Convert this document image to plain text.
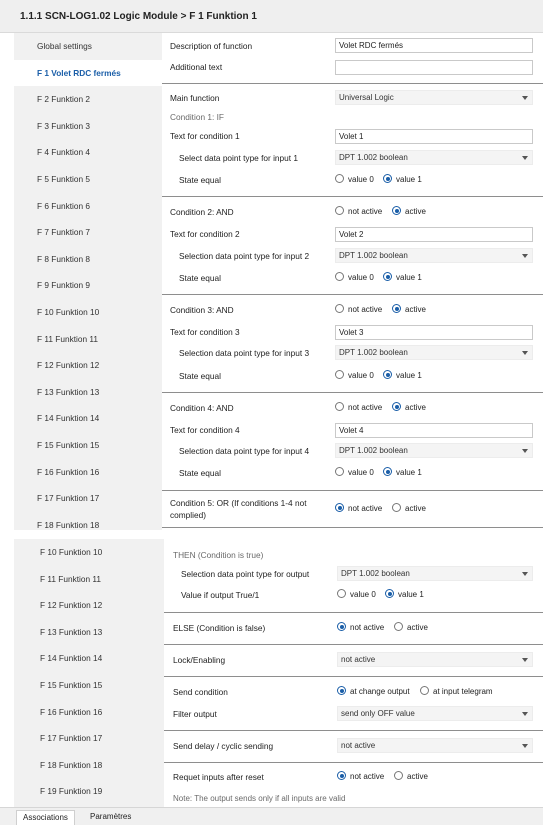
1.1.1 SCN-LOG1.02 Logic Module > F 1 Funktion 1
Global settings
F 1 Volet RDC fermés
F 2 Funktion 2
F 3 Funktion 3
F 4 Funktion 4
F 5 Funktion 5
F 6 Funktion 6
F 7 Funktion 7
F 8 Funktion 8
F 9 Funktion 9
F 10 Funktion 10
F 11 Funktion 11
F 12 Funktion 12
F 13 Funktion 13
F 14 Funktion 14
F 15 Funktion 15
F 16 Funktion 16
F 17 Funktion 17
F 18 Funktion 18
Description of function	Volet RDC fermés
Additional text
Main function	Universal Logic
Condition 1: IF
Text for condition 1	Volet 1
Select data point type for input 1	DPT 1.002 boolean
State equal	value 0	value 1
Condition 2: AND	not active	active
Text for condition 2	Volet 2
Selection data point type for input 2	DPT 1.002 boolean
State equal	value 0	value 1
Condition 3: AND	not active	active
Text for condition 3	Volet 3
Selection data point type for input 3	DPT 1.002 boolean
State equal	value 0	value 1
Condition 4: AND	not active	active
Text for condition 4	Volet 4
Selection data point type for input 4	DPT 1.002 boolean
State equal	value 0	value 1
Condition 5: OR (If conditions 1-4 not
complied)
not active	active
F 10 Funktion 10
F 11 Funktion 11
F 12 Funktion 12
F 13 Funktion 13
F 14 Funktion 14
F 15 Funktion 15
F 16 Funktion 16
F 17 Funktion 17
F 18 Funktion 18
F 19 Funktion 19
THEN (Condition is true)
Selection data point type for output	DPT 1.002 boolean
Value if output True/1	value 0	value 1
ELSE (Condition is false)	not active	active
Lock/Enabling	not active
Send condition	at change output	at input telegram
Filter output	send only OFF value
Send delay / cyclic sending	not active
Requet inputs after reset	not active	active
Note: The output sends only if all inputs are valid
Associations	Paramètres
